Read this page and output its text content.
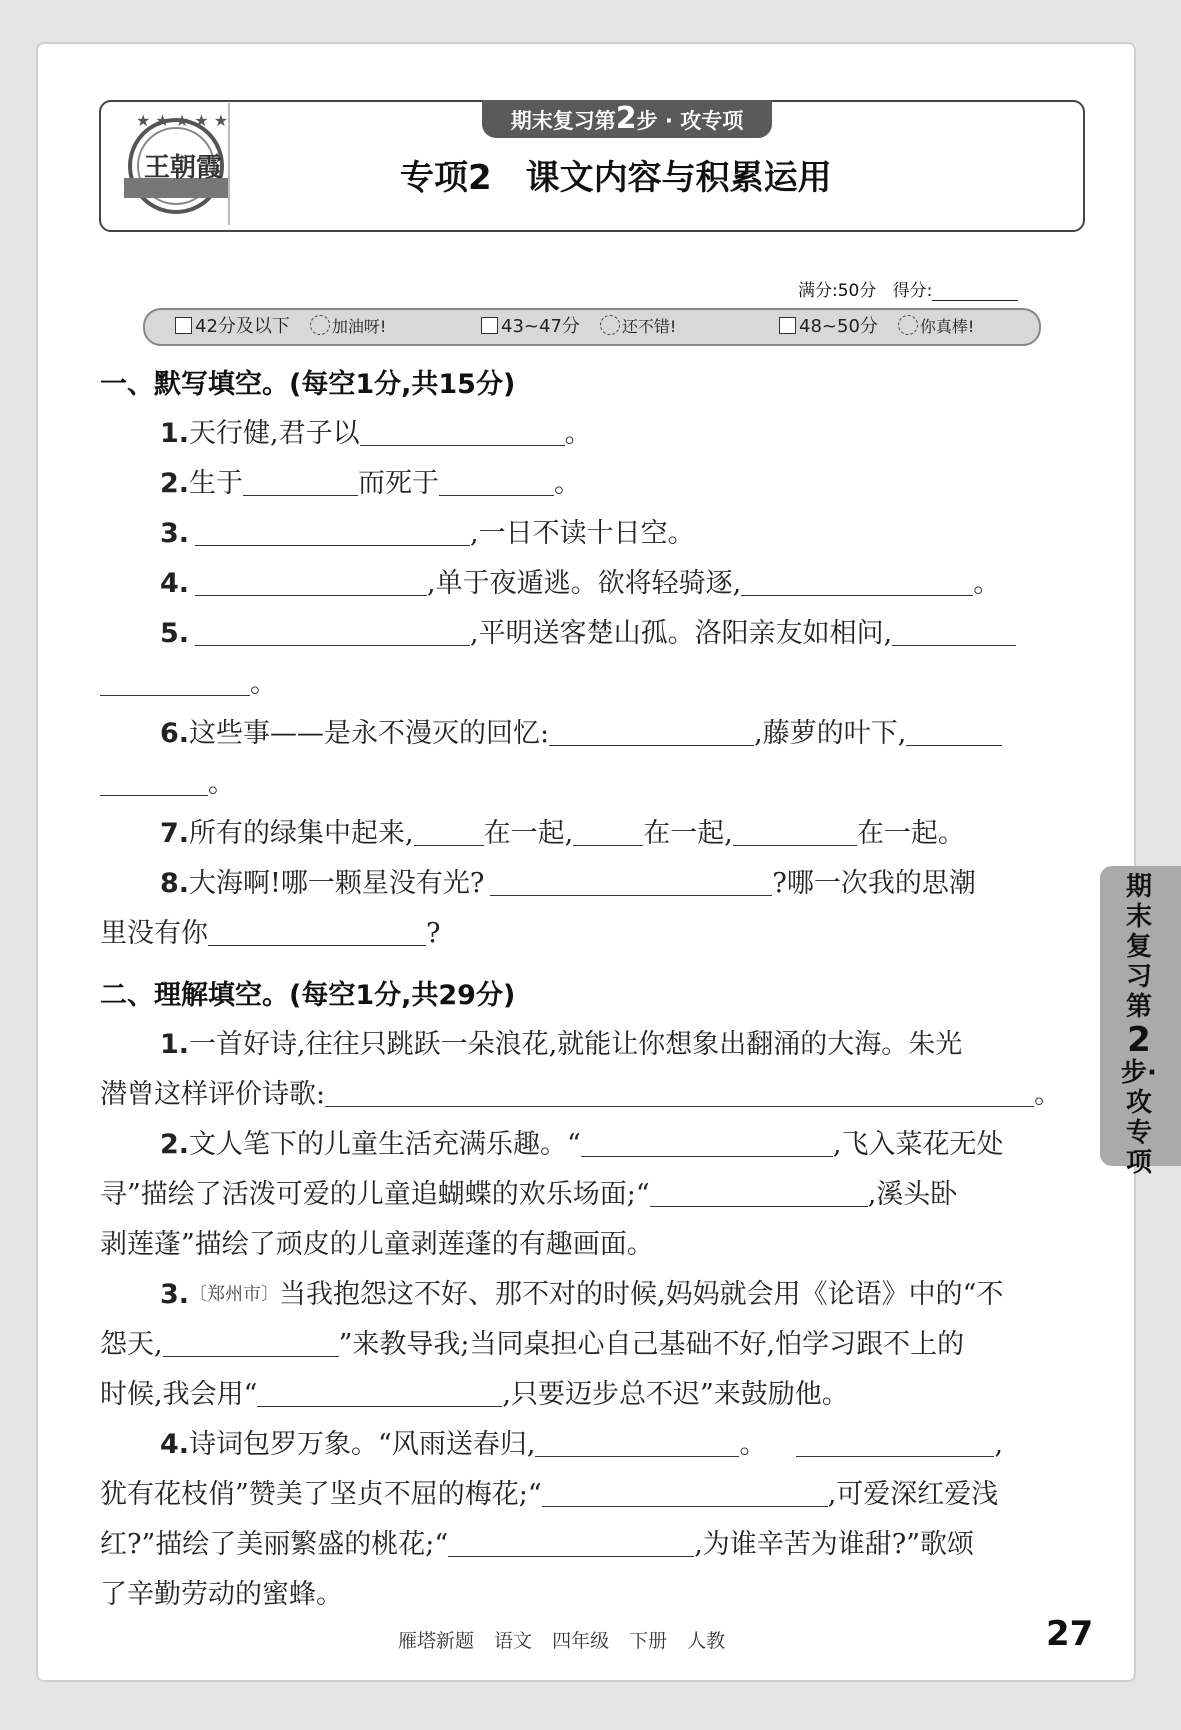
★ ★ ★ ★ ★
王朝霞
期末复习第2步 · 攻专项
专项2 课文内容与积累运用
满分:50分 得分:
42分及以下	加油呀!	43~47分	还不错!	48~50分	你真棒!
一、默写填空。(每空1分,共15分)
1.天行健,君子以	。
2.生于	而死于	。
3.	,一日不读十日空。
4.	,单于夜遁逃。欲将轻骑逐,	。
5.	,平明送客楚山孤。洛阳亲友如相问,
。
6.这些事——是永不漫灭的回忆:	,藤萝的叶下,
。
7.所有的绿集中起来,	在一起,	在一起,	在一起。
8.大海啊!哪一颗星没有光?	?哪一次我的思潮
里没有你	?
二、理解填空。(每空1分,共29分)
1.一首好诗,往往只跳跃一朵浪花,就能让你想象出翻涌的大海。朱光
潜曾这样评价诗歌:	。
2.文人笔下的儿童生活充满乐趣。“	,飞入菜花无处
寻”描绘了活泼可爱的儿童追蝴蝶的欢乐场面;“	,溪头卧
剥莲蓬”描绘了顽皮的儿童剥莲蓬的有趣画面。
3.〔郑州市〕当我抱怨这不好、那不对的时候,妈妈就会用《论语》中的“不
怨天,	”来教导我;当同桌担心自己基础不好,怕学习跟不上的
时候,我会用“	,只要迈步总不迟”来鼓励他。
4.诗词包罗万象。“风雨送春归,	。	,
犹有花枝俏”赞美了坚贞不屈的梅花;“	,可爱深红爱浅
红?”描绘了美丽繁盛的桃花;“	,为谁辛苦为谁甜?”歌颂
了辛勤劳动的蜜蜂。
期末复习第
2
步·攻专项
雁塔新题 语文 四年级 下册 人教	27
